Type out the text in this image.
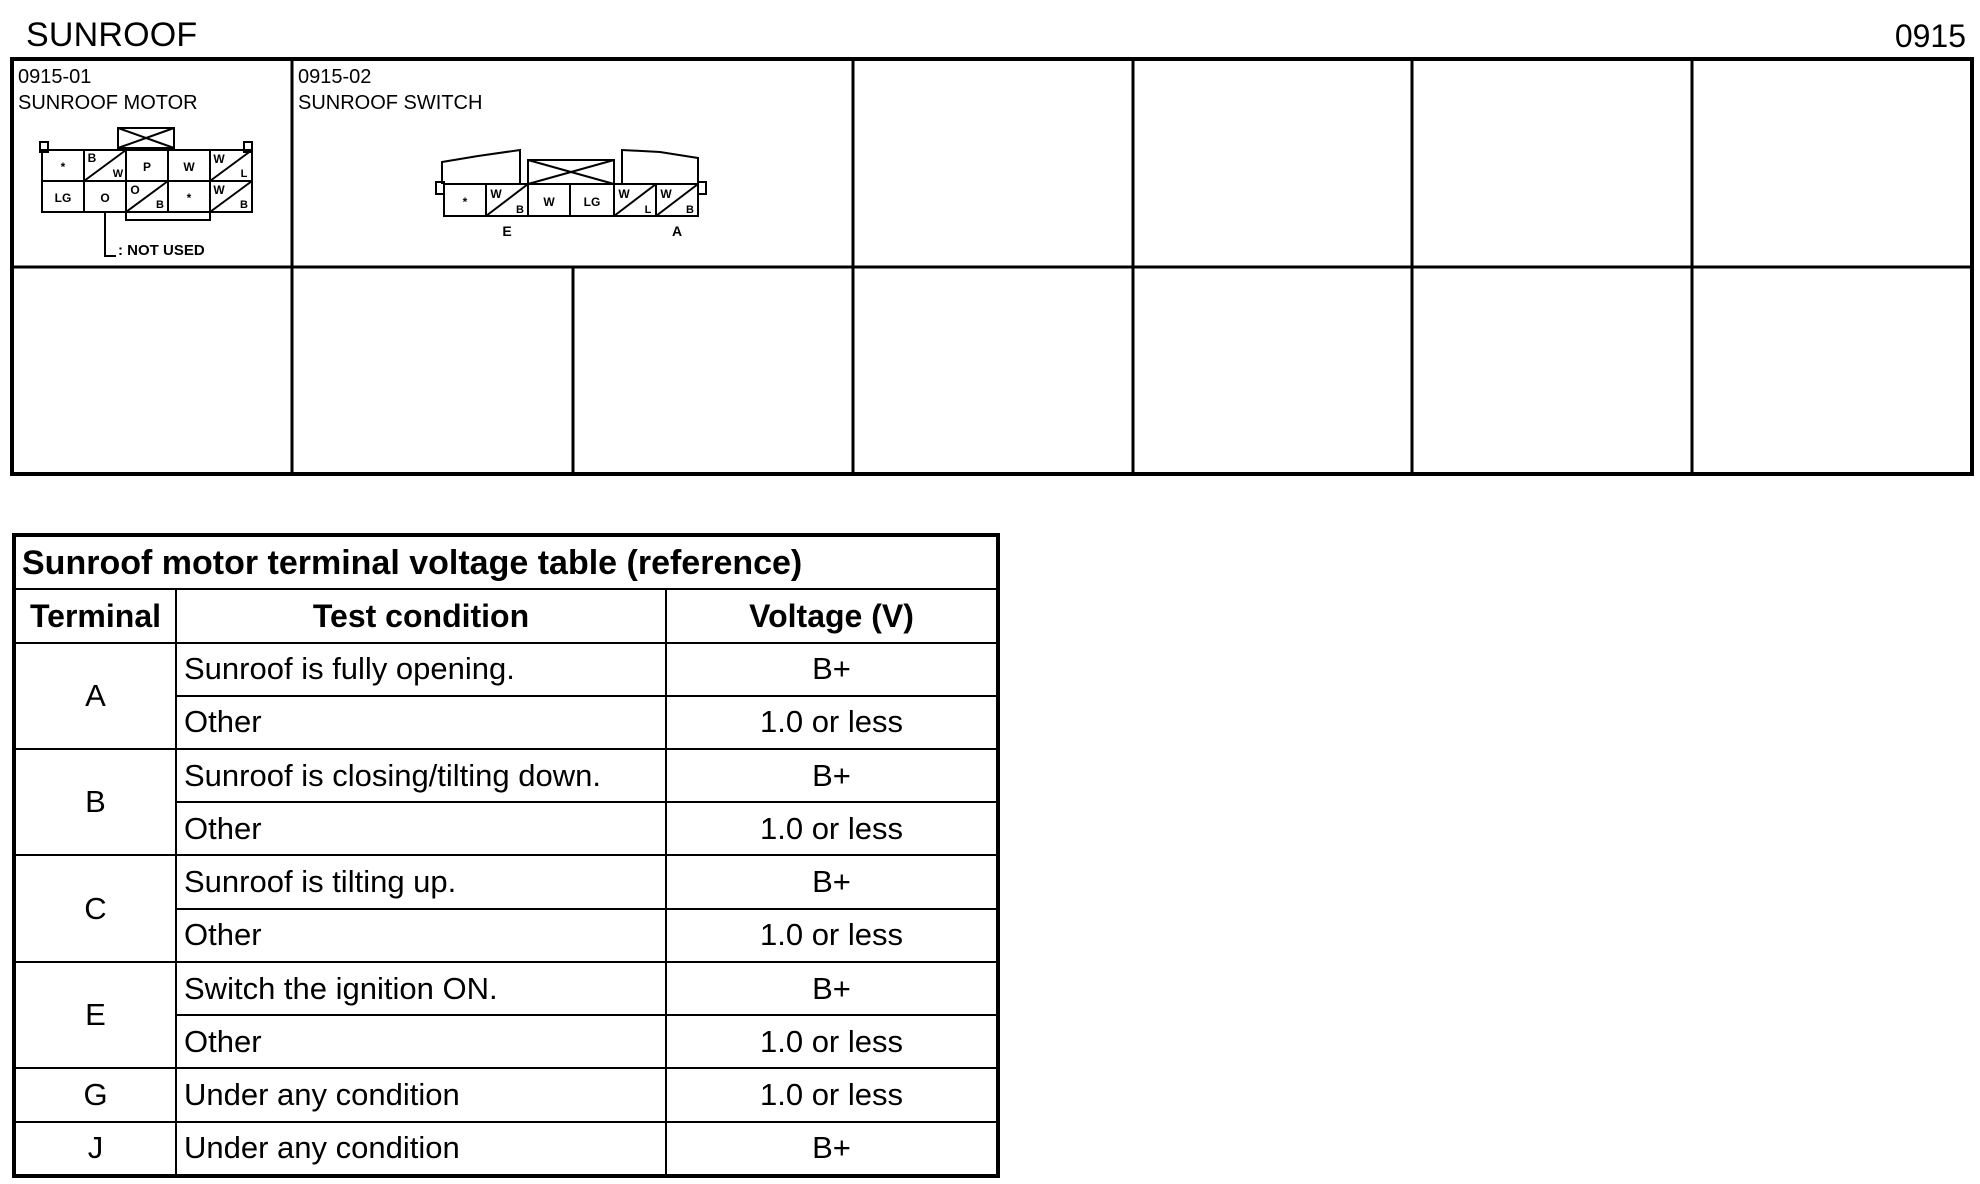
SUNROOF	0915
0915-01
SUNROOF MOTOR
*
B
W P	W
W
L
LG O
O
B *
W
B
: NOT USED
0915-02
SUNROOF SWITCH
*
W
B
W LG
W
L
W
B
E	A
Sunroof motor terminal voltage table (reference)		
Terminal	Test condition	Voltage (V)
A	Sunroof is fully opening.	B+
	Other	1.0 or less
B	Sunroof is closing/tilting down.	B+
	Other	1.0 or less
C	Sunroof is tilting up.	B+
	Other	1.0 or less
E	Switch the ignition ON.	B+
	Other	1.0 or less
G	Under any condition	1.0 or less
J	Under any condition	B+
